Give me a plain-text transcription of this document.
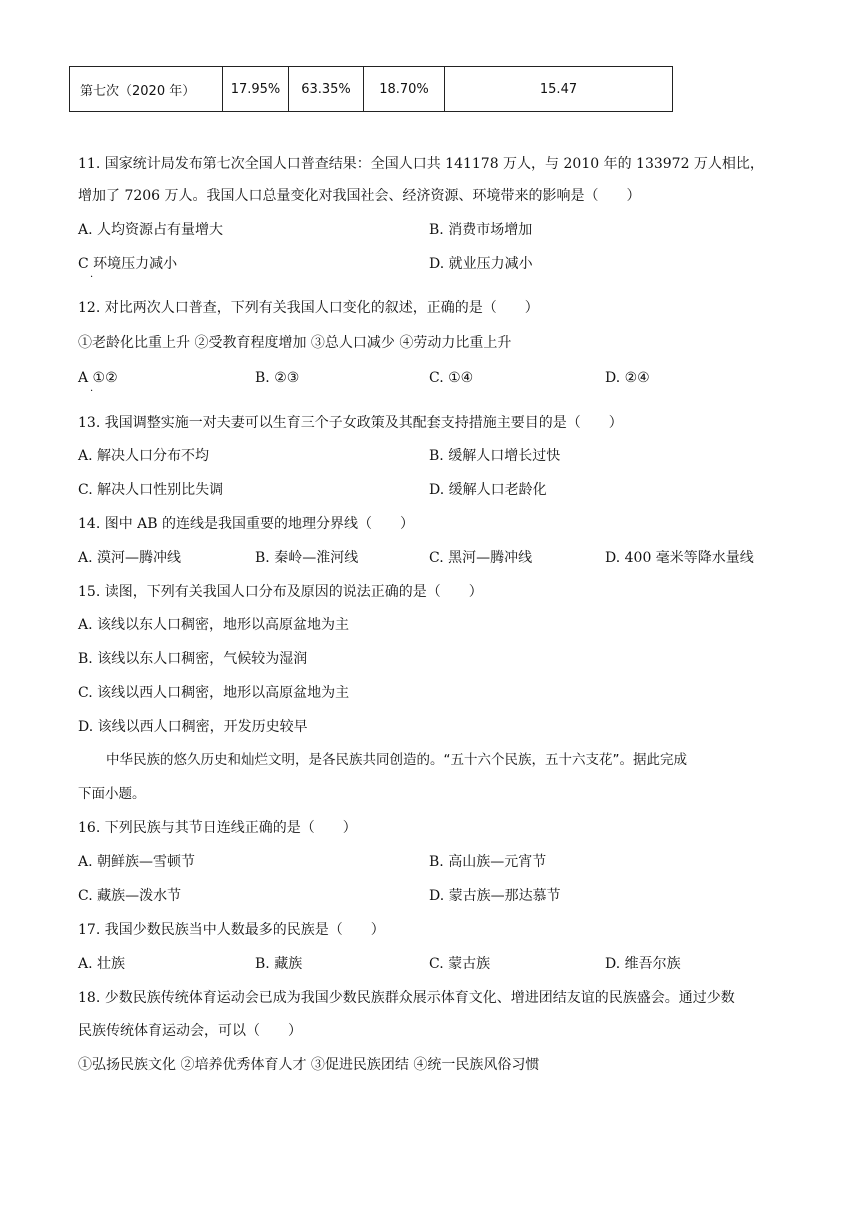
第七次（2020 年）	17.95%	63.35%	18.70%	15.47
11. 国家统计局发布第七次全国人口普查结果：全国人口共 141178 万人，与 2010 年的 133972 万人相比，
增加了 7206 万人。我国人口总量变化对我国社会、经济资源、环境带来的影响是（　　）
A. 人均资源占有量增大	B. 消费市场增加
C 环境压力减小
·
D. 就业压力减小
12. 对比两次人口普查，下列有关我国人口变化的叙述，正确的是（　　）
①老龄化比重上升 ②受教育程度增加 ③总人口减少 ④劳动力比重上升
A ①②
·
B. ②③	C. ①④	D. ②④
13. 我国调整实施一对夫妻可以生育三个子女政策及其配套支持措施主要目的是（　　）
A. 解决人口分布不均	B. 缓解人口增长过快
C. 解决人口性别比失调	D. 缓解人口老龄化
14. 图中 AB 的连线是我国重要的地理分界线（　　）
A. 漠河—腾冲线	B. 秦岭—淮河线	C. 黑河—腾冲线	D. 400 毫米等降水量线
15. 读图，下列有关我国人口分布及原因的说法正确的是（　　）
A. 该线以东人口稠密，地形以高原盆地为主
B. 该线以东人口稠密，气候较为湿润
C. 该线以西人口稠密，地形以高原盆地为主
D. 该线以西人口稠密，开发历史较早
中华民族的悠久历史和灿烂文明，是各民族共同创造的。“五十六个民族，五十六支花”。据此完成
下面小题。
16. 下列民族与其节日连线正确的是（　　）
A. 朝鲜族—雪顿节	B. 高山族—元宵节
C. 藏族—泼水节	D. 蒙古族—那达慕节
17. 我国少数民族当中人数最多的民族是（　　）
A. 壮族	B. 藏族	C. 蒙古族	D. 维吾尔族
18. 少数民族传统体育运动会已成为我国少数民族群众展示体育文化、增进团结友谊的民族盛会。通过少数
民族传统体育运动会，可以（　　）
①弘扬民族文化 ②培养优秀体育人才 ③促进民族团结 ④统一民族风俗习惯
